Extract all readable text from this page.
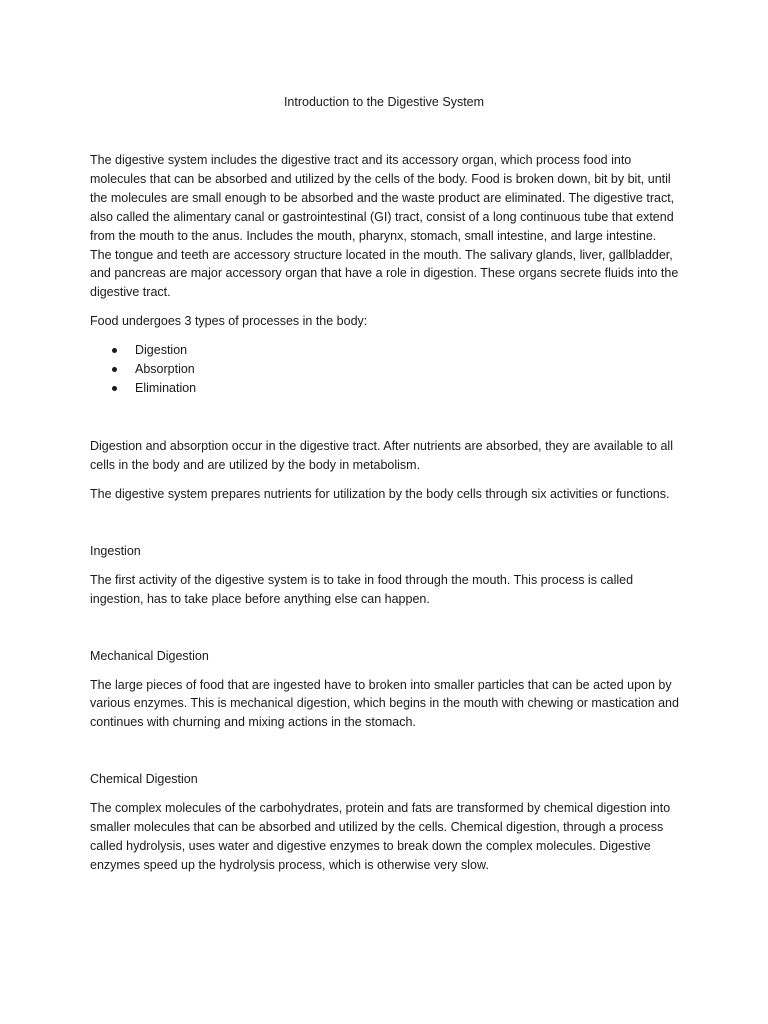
Introduction to the Digestive System

The digestive system includes the digestive tract and its accessory organ, which process food into molecules that can be absorbed and utilized by the cells of the body. Food is broken down, bit by bit, until the molecules are small enough to be absorbed and the waste product are eliminated. The digestive tract, also called the alimentary canal or gastrointestinal (GI) tract, consist of a long continuous tube that extend from the mouth to the anus. Includes the mouth, pharynx, stomach, small intestine, and large intestine. The tongue and teeth are accessory structure located in the mouth. The salivary glands, liver, gallbladder, and pancreas are major accessory organ that have a role in digestion. These organs secrete fluids into the digestive tract.

Food undergoes 3 types of processes in the body:

Digestion
Absorption
Elimination

Digestion and absorption occur in the digestive tract. After nutrients are absorbed, they are available to all cells in the body and are utilized by the body in metabolism.

The digestive system prepares nutrients for utilization by the body cells through six activities or functions.

Ingestion

The first activity of the digestive system is to take in food through the mouth. This process is called ingestion, has to take place before anything else can happen.

Mechanical Digestion

The large pieces of food that are ingested have to broken into smaller particles that can be acted upon by various enzymes. This is mechanical digestion, which begins in the mouth with chewing or mastication and continues with churning and mixing actions in the stomach.

Chemical Digestion

The complex molecules of the carbohydrates, protein and fats are transformed by chemical digestion into smaller molecules that can be absorbed and utilized by the cells. Chemical digestion, through a process called hydrolysis, uses water and digestive enzymes to break down the complex molecules. Digestive enzymes speed up the hydrolysis process, which is otherwise very slow.
